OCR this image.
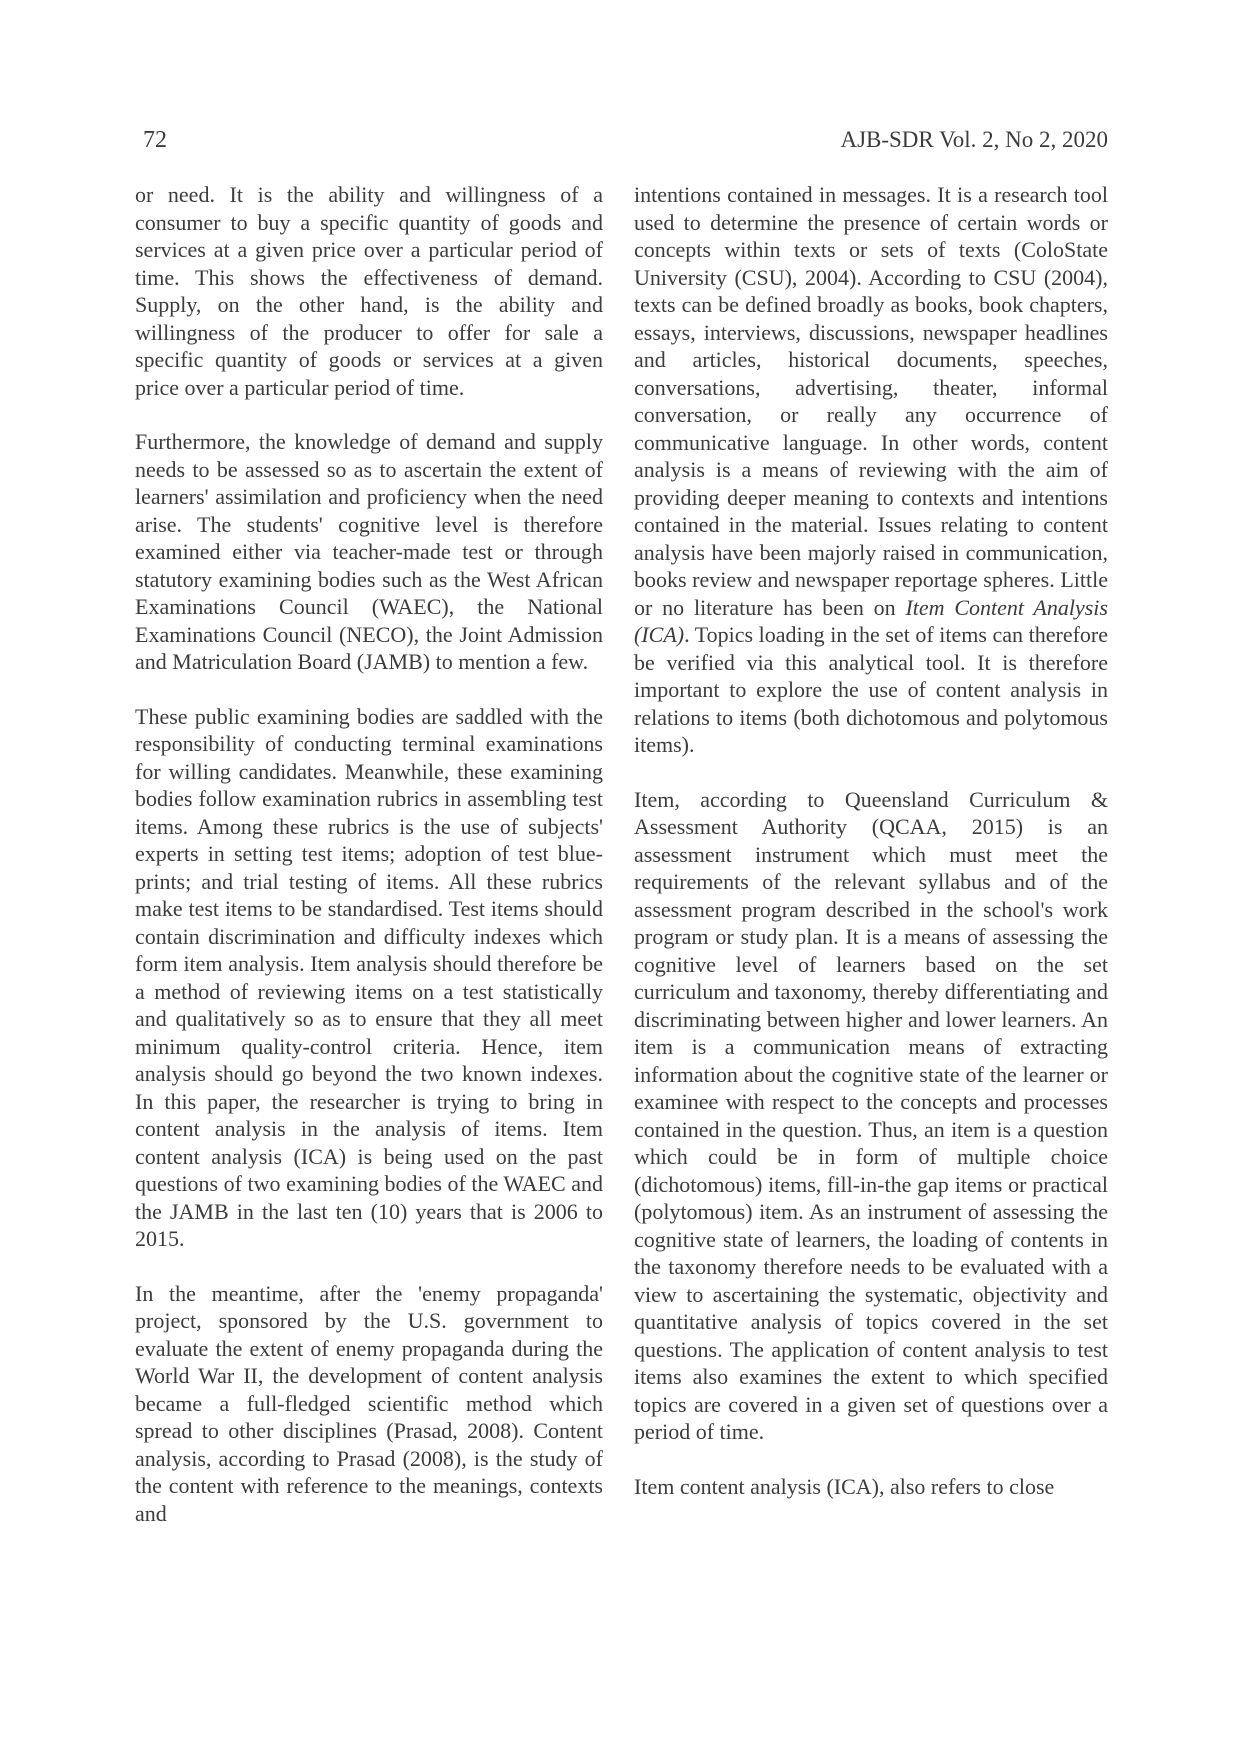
72	AJB-SDR Vol. 2, No 2, 2020

or need. It is the ability and willingness of a consumer to buy a specific quantity of goods and services at a given price over a particular period of time. This shows the effectiveness of demand. Supply, on the other hand, is the ability and willingness of the producer to offer for sale a specific quantity of goods or services at a given price over a particular period of time.

Furthermore, the knowledge of demand and supply needs to be assessed so as to ascertain the extent of learners' assimilation and proficiency when the need arise. The students' cognitive level is therefore examined either via teacher-made test or through statutory examining bodies such as the West African Examinations Council (WAEC), the National Examinations Council (NECO), the Joint Admission and Matriculation Board (JAMB) to mention a few.

These public examining bodies are saddled with the responsibility of conducting terminal examinations for willing candidates. Meanwhile, these examining bodies follow examination rubrics in assembling test items. Among these rubrics is the use of subjects' experts in setting test items; adoption of test blue-prints; and trial testing of items. All these rubrics make test items to be standardised. Test items should contain discrimination and difficulty indexes which form item analysis. Item analysis should therefore be a method of reviewing items on a test statistically and qualitatively so as to ensure that they all meet minimum quality-control criteria. Hence, item analysis should go beyond the two known indexes. In this paper, the researcher is trying to bring in content analysis in the analysis of items. Item content analysis (ICA) is being used on the past questions of two examining bodies of the WAEC and the JAMB in the last ten (10) years that is 2006 to 2015.

In the meantime, after the 'enemy propaganda' project, sponsored by the U.S. government to evaluate the extent of enemy propaganda during the World War II, the development of content analysis became a full-fledged scientific method which spread to other disciplines (Prasad, 2008). Content analysis, according to Prasad (2008), is the study of the content with reference to the meanings, contexts and

intentions contained in messages. It is a research tool used to determine the presence of certain words or concepts within texts or sets of texts (ColoState University (CSU), 2004). According to CSU (2004), texts can be defined broadly as books, book chapters, essays, interviews, discussions, newspaper headlines and articles, historical documents, speeches, conversations, advertising, theater, informal conversation, or really any occurrence of communicative language. In other words, content analysis is a means of reviewing with the aim of providing deeper meaning to contexts and intentions contained in the material. Issues relating to content analysis have been majorly raised in communication, books review and newspaper reportage spheres. Little or no literature has been on Item Content Analysis (ICA). Topics loading in the set of items can therefore be verified via this analytical tool. It is therefore important to explore the use of content analysis in relations to items (both dichotomous and polytomous items).

Item, according to Queensland Curriculum & Assessment Authority (QCAA, 2015) is an assessment instrument which must meet the requirements of the relevant syllabus and of the assessment program described in the school's work program or study plan. It is a means of assessing the cognitive level of learners based on the set curriculum and taxonomy, thereby differentiating and discriminating between higher and lower learners. An item is a communication means of extracting information about the cognitive state of the learner or examinee with respect to the concepts and processes contained in the question. Thus, an item is a question which could be in form of multiple choice (dichotomous) items, fill-in-the gap items or practical (polytomous) item. As an instrument of assessing the cognitive state of learners, the loading of contents in the taxonomy therefore needs to be evaluated with a view to ascertaining the systematic, objectivity and quantitative analysis of topics covered in the set questions. The application of content analysis to test items also examines the extent to which specified topics are covered in a given set of questions over a period of time.

Item content analysis (ICA), also refers to close
